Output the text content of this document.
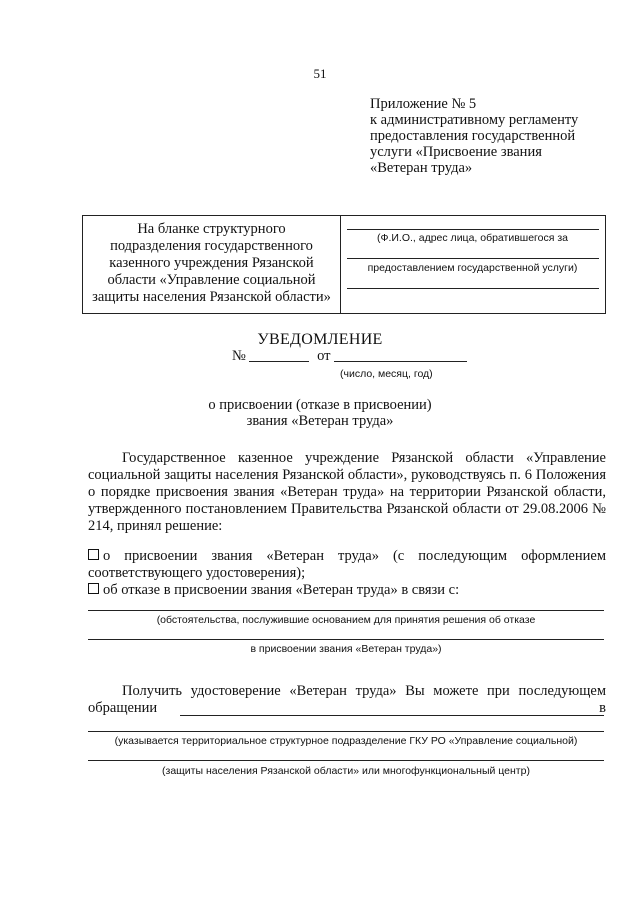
51
Приложение № 5
к административному регламенту
предоставления государственной
услуги «Присвоение звания
«Ветеран труда»
На бланке структурного
подразделения государственного
казенного учреждения Рязанской
области «Управление социальной
защиты населения Рязанской области»
(Ф.И.О., адрес лица, обратившегося за
предоставлением государственной услуги)
УВЕДОМЛЕНИЕ
№	от
(число, месяц, год)
о присвоении (отказе в присвоении)
звания «Ветеран труда»
Государственное казенное учреждение Рязанской области «Управление социальной защиты населения Рязанской области», руководствуясь п. 6 Положения о порядке присвоения звания «Ветеран труда» на территории Рязанской области, утвержденного постановлением Правительства Рязанской области от 29.08.2006 № 214, принял решение:
о присвоении звания «Ветеран труда» (с последующим оформлением соответствующего удостоверения);
об отказе в присвоении звания «Ветеран труда» в связи с:
(обстоятельства, послужившие основанием для принятия решения об отказе
в присвоении звания «Ветеран труда»)
Получить удостоверение «Ветеран труда» Вы можете при последующем обращении в
(указывается территориальное структурное подразделение ГКУ РО «Управление социальной)
(защиты населения Рязанской области» или многофункциональный центр)
